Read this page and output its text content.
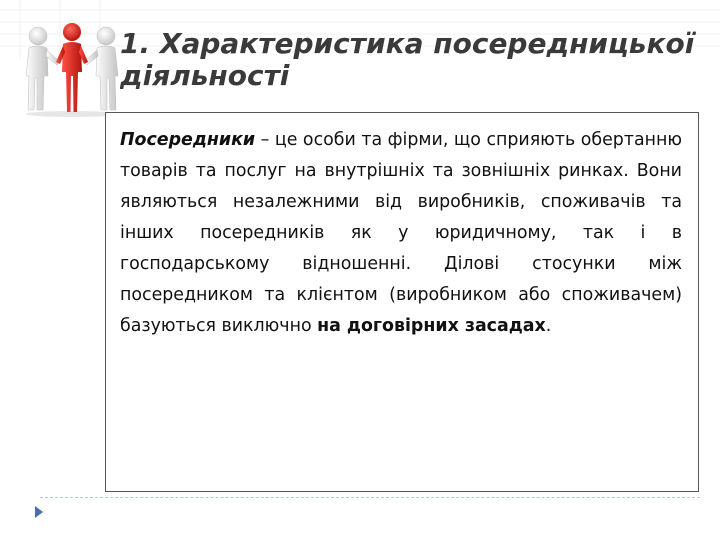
1. Характеристика посередницької діяльності

Посередники – це особи та фірми, що сприяють обертанню товарів та послуг на внутрішніх та зовнішніх ринках. Вони являються незалежними від виробників, споживачів та інших посередників як у юридичному, так і в господарському відношенні. Ділові стосунки між посередником та клієнтом (виробником або споживачем) базуються виключно на договірних засадах.
